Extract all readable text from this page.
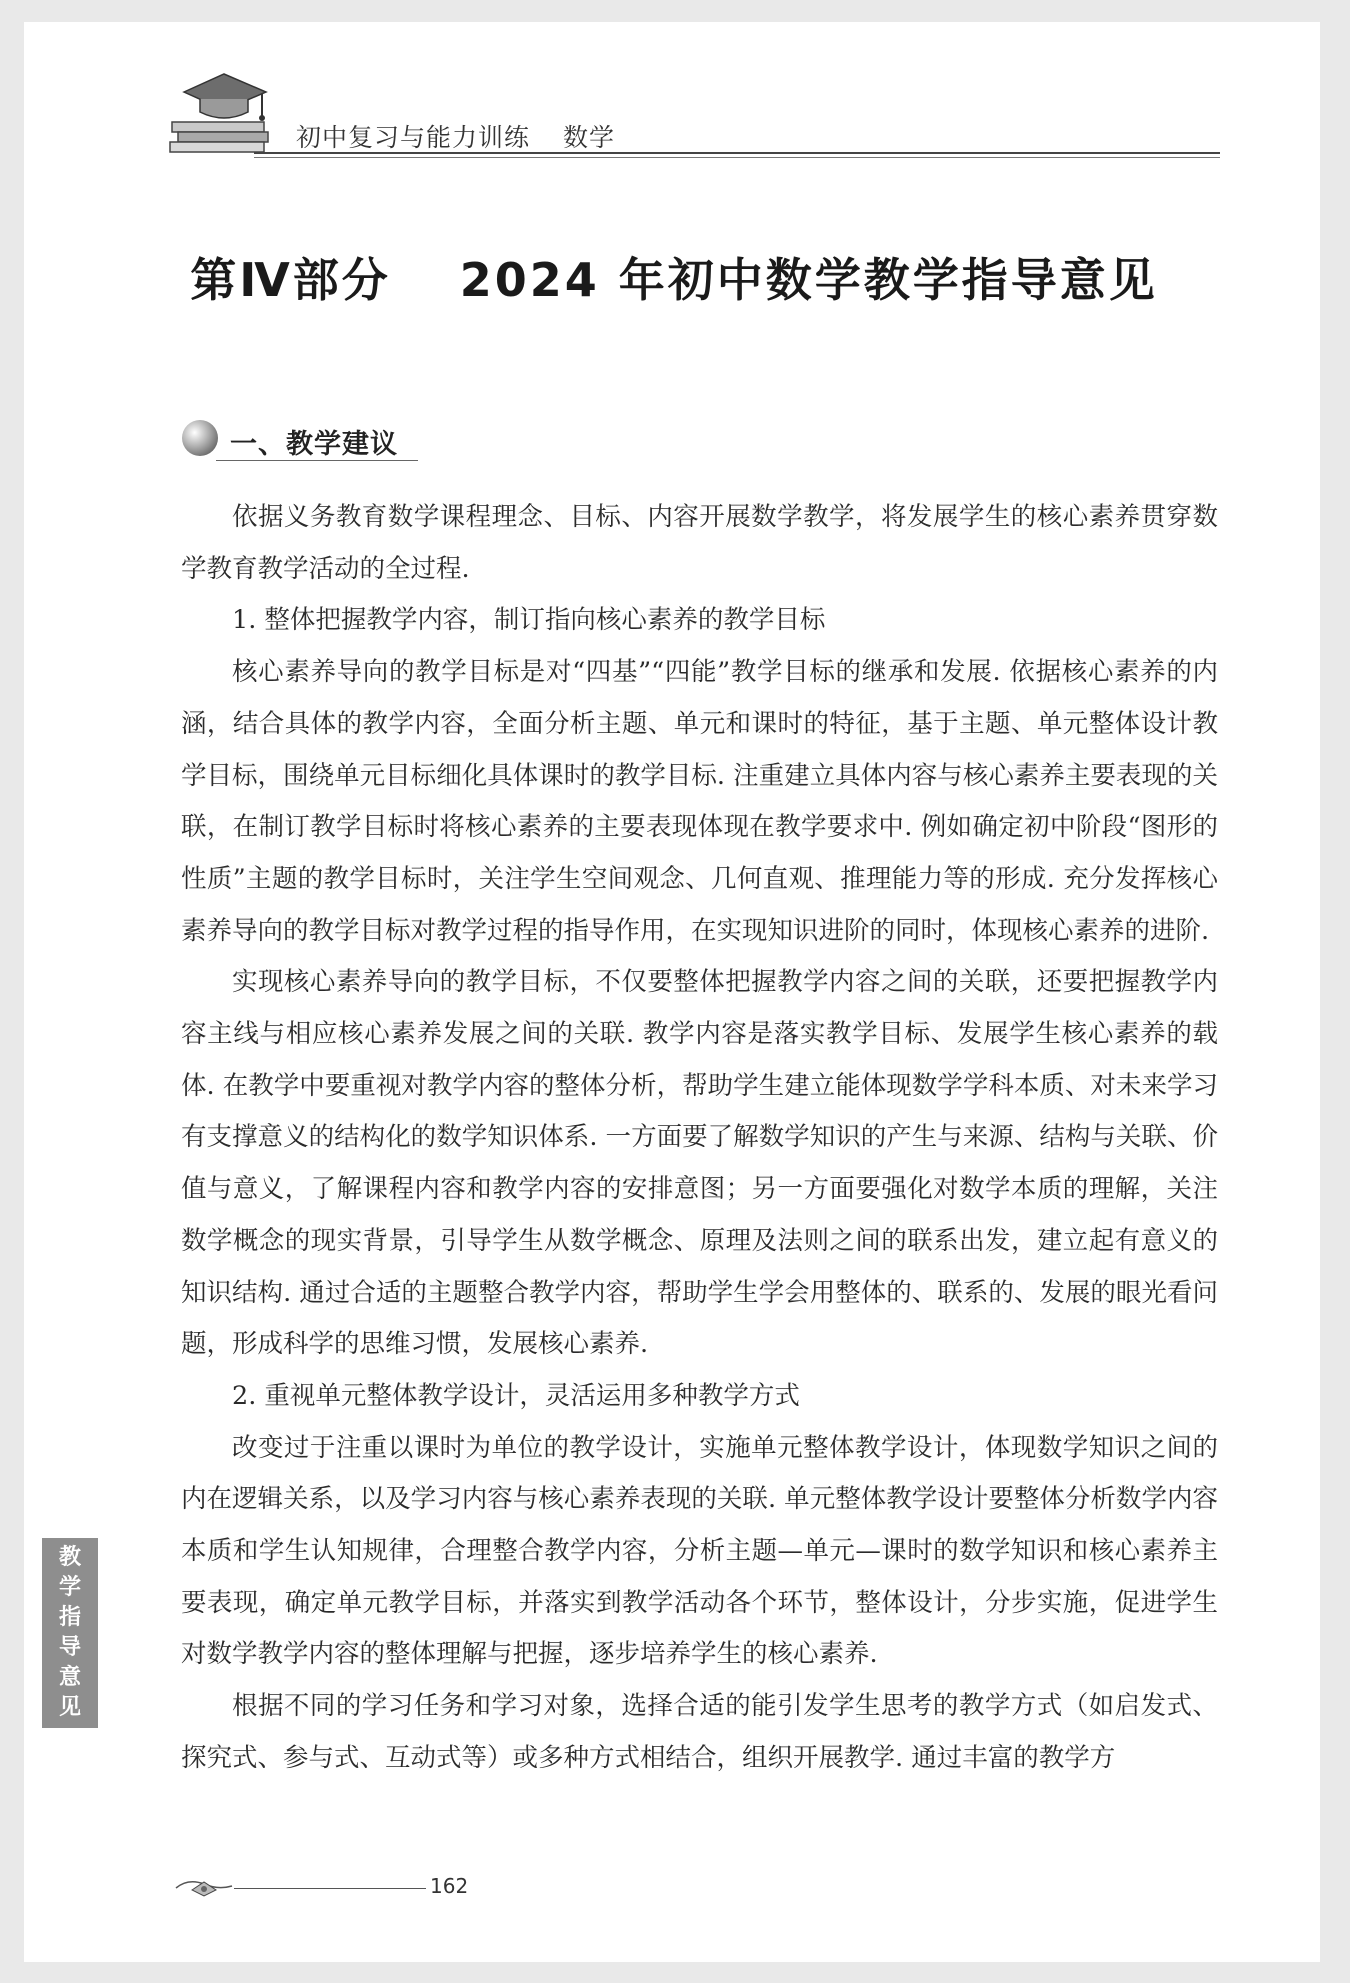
初中复习与能力训练 数学
第Ⅳ部分 2024 年初中数学教学指导意见
一、教学建议

依据义务教育数学课程理念、目标、内容开展数学教学，将发展学生的核心素养贯穿数学教育教学活动的全过程.

1. 整体把握教学内容，制订指向核心素养的教学目标

核心素养导向的教学目标是对“四基”“四能”教学目标的继承和发展. 依据核心素养的内涵，结合具体的教学内容，全面分析主题、单元和课时的特征，基于主题、单元整体设计教学目标，围绕单元目标细化具体课时的教学目标. 注重建立具体内容与核心素养主要表现的关联，在制订教学目标时将核心素养的主要表现体现在教学要求中. 例如确定初中阶段“图形的性质”主题的教学目标时，关注学生空间观念、几何直观、推理能力等的形成. 充分发挥核心素养导向的教学目标对教学过程的指导作用，在实现知识进阶的同时，体现核心素养的进阶.

实现核心素养导向的教学目标，不仅要整体把握教学内容之间的关联，还要把握教学内容主线与相应核心素养发展之间的关联. 教学内容是落实教学目标、发展学生核心素养的载体. 在教学中要重视对教学内容的整体分析，帮助学生建立能体现数学学科本质、对未来学习有支撑意义的结构化的数学知识体系. 一方面要了解数学知识的产生与来源、结构与关联、价值与意义，了解课程内容和教学内容的安排意图；另一方面要强化对数学本质的理解，关注数学概念的现实背景，引导学生从数学概念、原理及法则之间的联系出发，建立起有意义的知识结构. 通过合适的主题整合教学内容，帮助学生学会用整体的、联系的、发展的眼光看问题，形成科学的思维习惯，发展核心素养.

2. 重视单元整体教学设计，灵活运用多种教学方式

改变过于注重以课时为单位的教学设计，实施单元整体教学设计，体现数学知识之间的内在逻辑关系，以及学习内容与核心素养表现的关联. 单元整体教学设计要整体分析数学内容本质和学生认知规律，合理整合教学内容，分析主题—单元—课时的数学知识和核心素养主要表现，确定单元教学目标，并落实到教学活动各个环节，整体设计，分步实施，促进学生对数学教学内容的整体理解与把握，逐步培养学生的核心素养.

根据不同的学习任务和学习对象，选择合适的能引发学生思考的教学方式（如启发式、探究式、参与式、互动式等）或多种方式相结合，组织开展教学. 通过丰富的教学方

教
学
指
导
意
见
162
